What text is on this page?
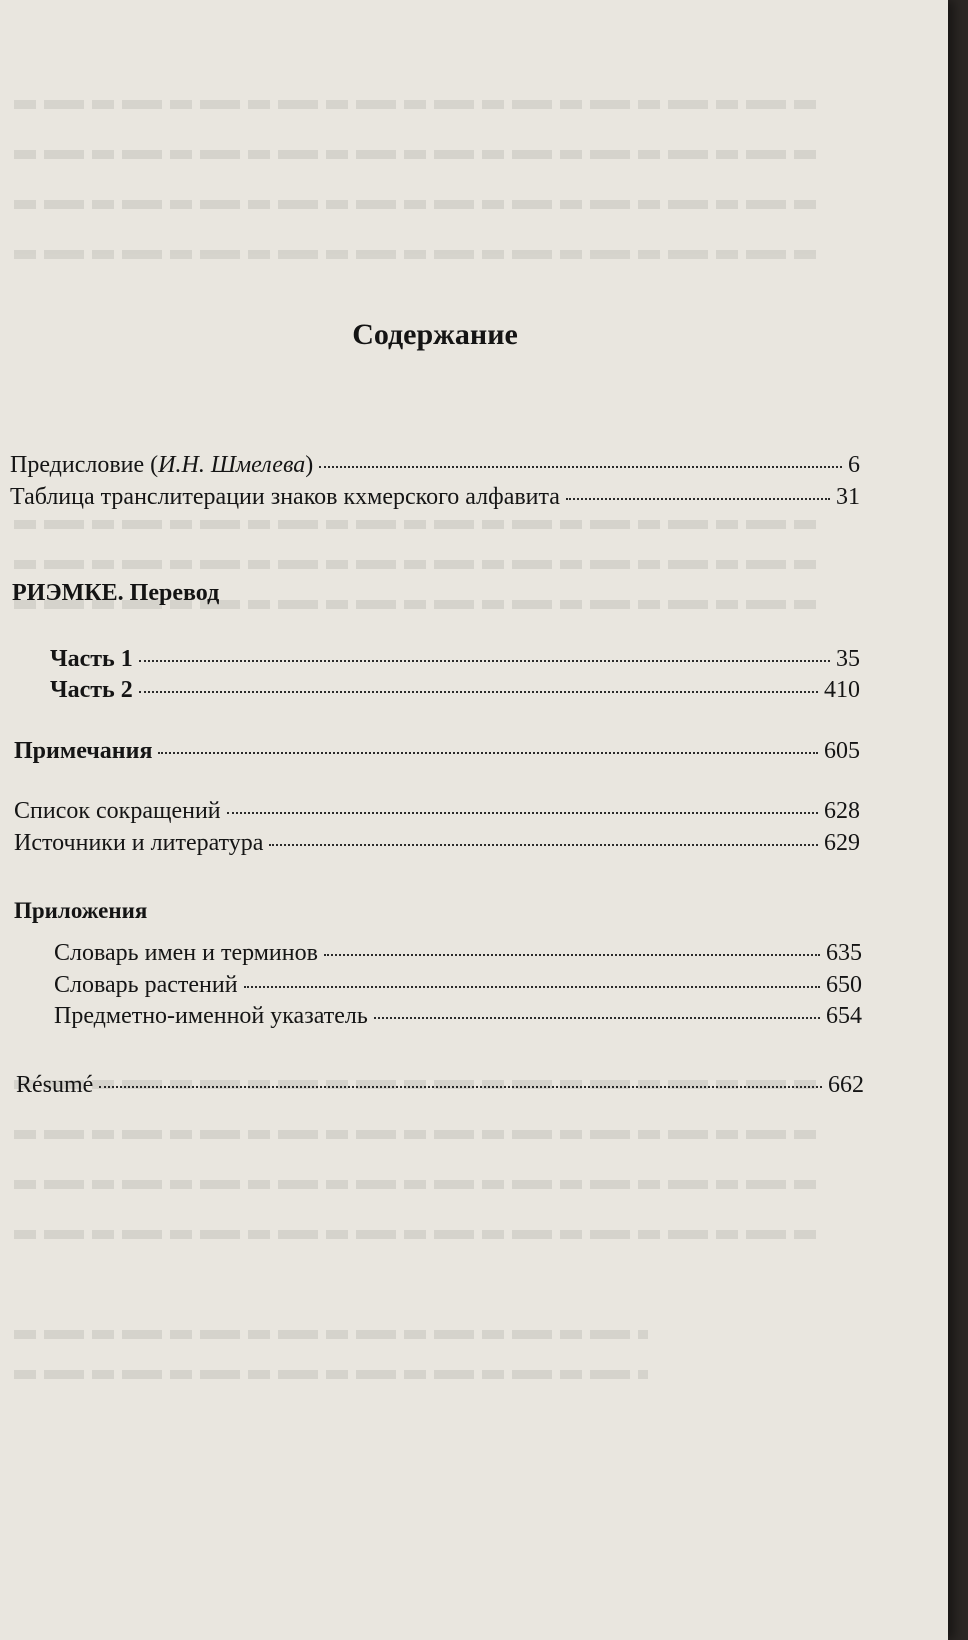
Содержание
Предисловие (И.Н. Шмелева)	6
Таблица транслитерации знаков кхмерского алфавита	31
РИЭМКЕ. Перевод
Часть 1	35
Часть 2	410
Примечания	605
Список сокращений	628
Источники и литература	629
Приложения
Словарь имен и терминов	635
Словарь растений	650
Предметно-именной указатель	654
Résumé	662
